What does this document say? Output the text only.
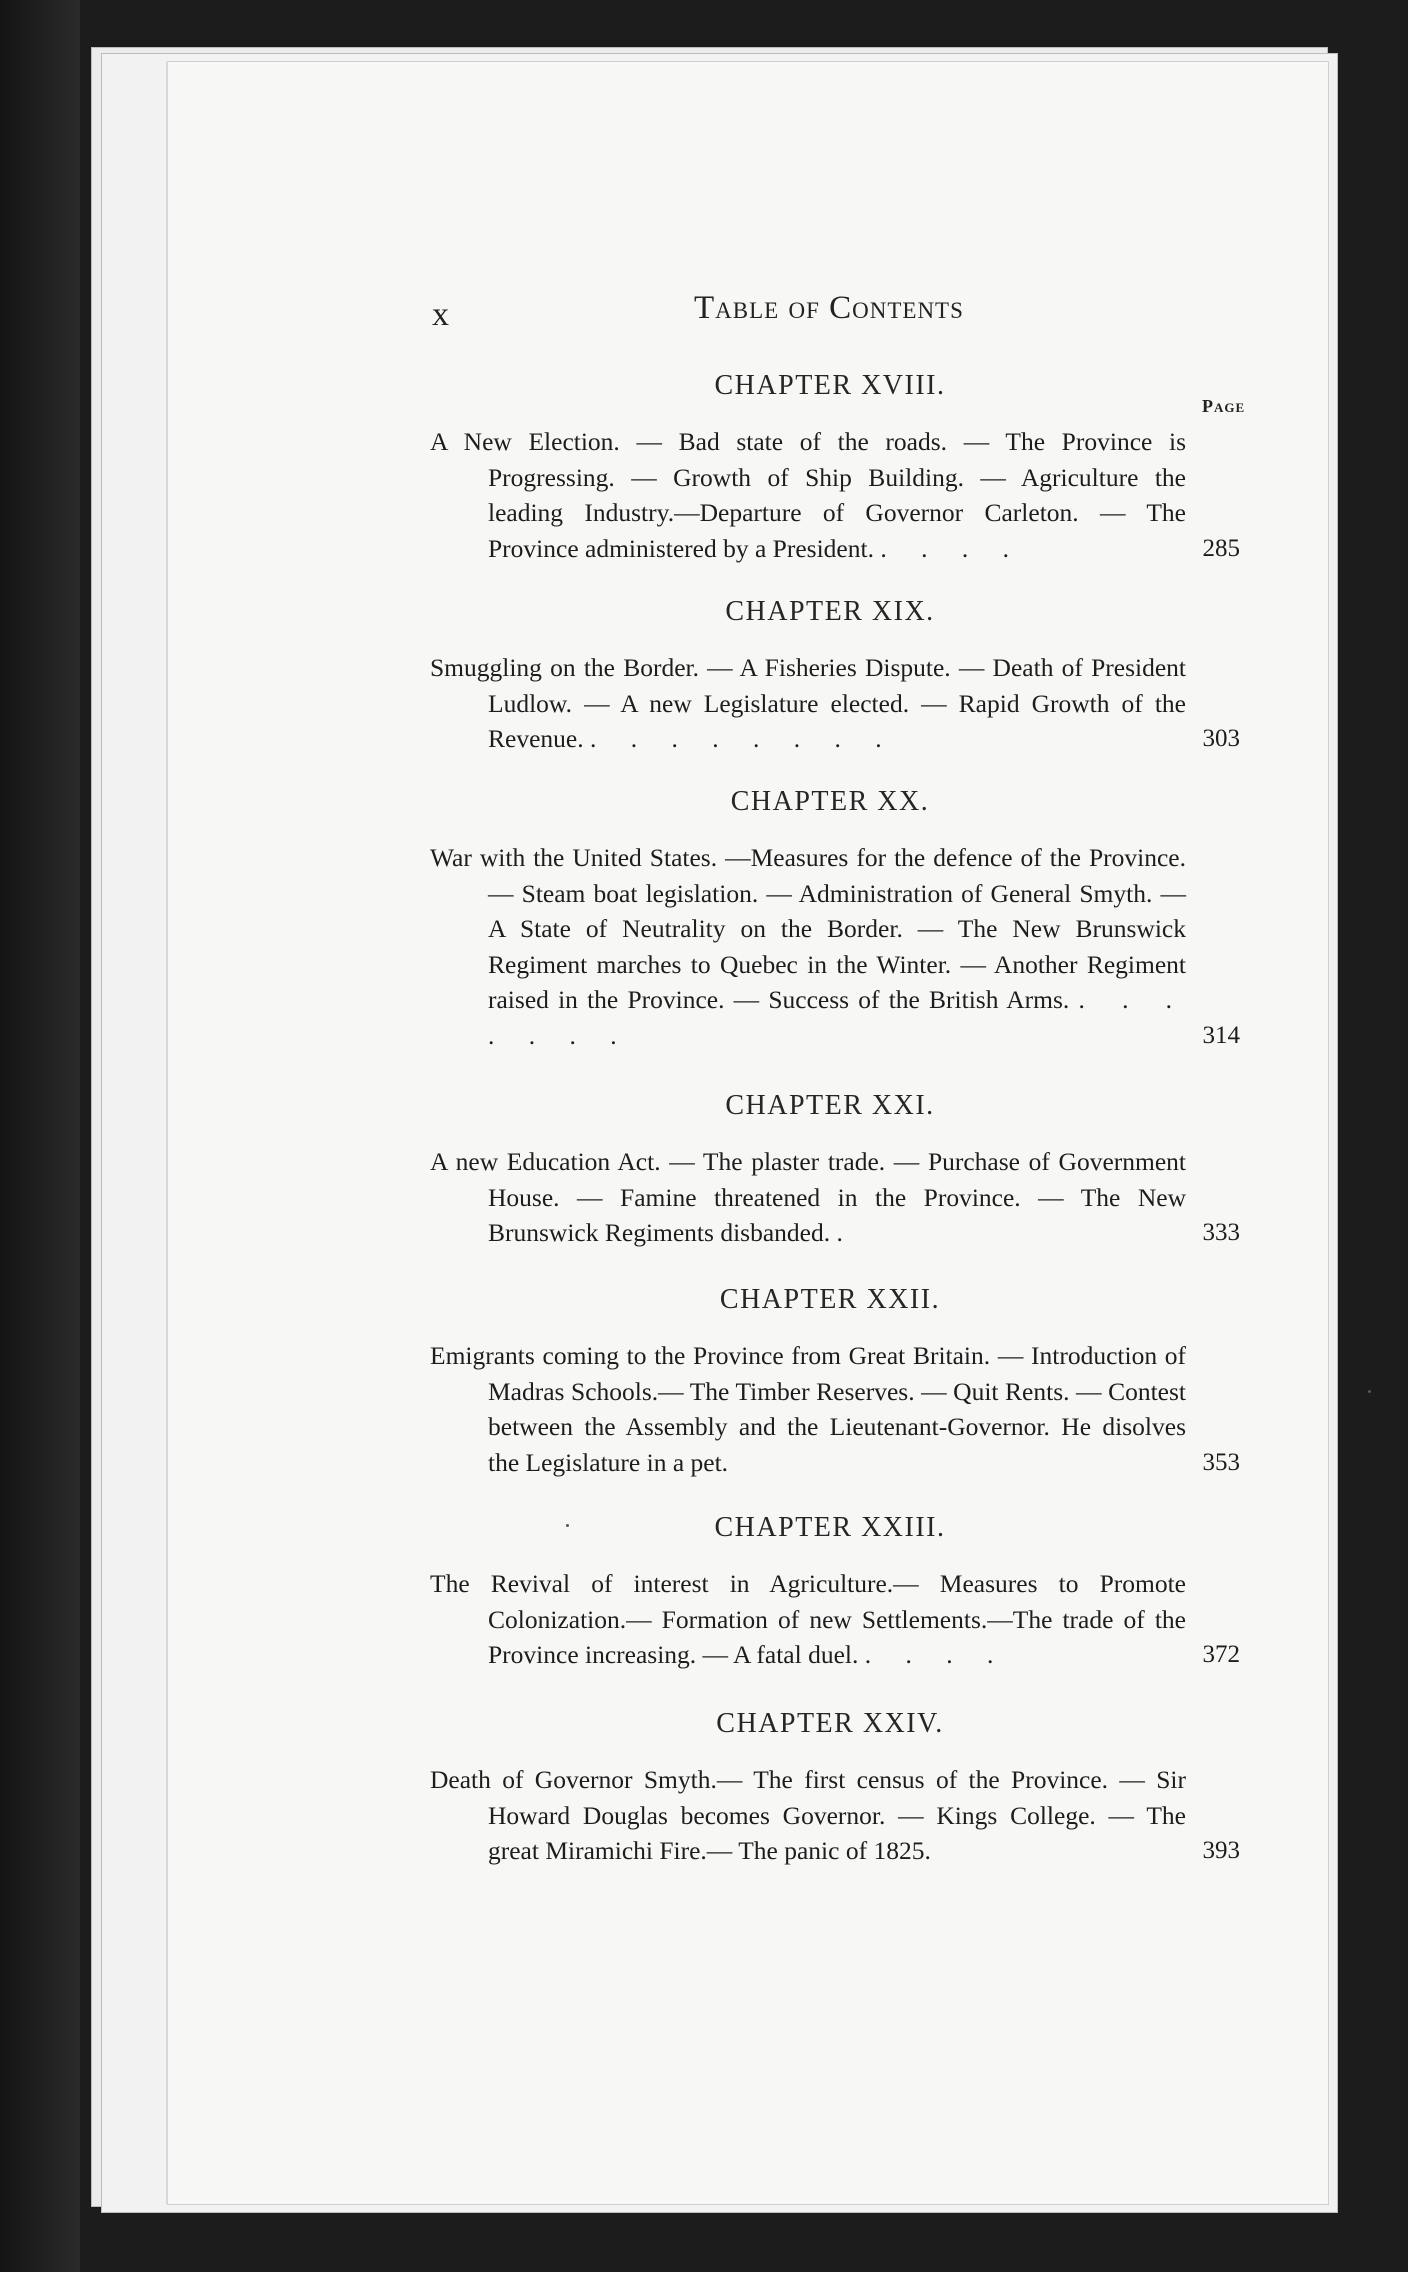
x	Table of Contents
Page
CHAPTER XVIII.
A New Election. — Bad state of the roads. — The Province is Progressing. — Growth of Ship Building. — Agriculture the leading Industry.—Departure of Governor Carleton. — The Province administered by a President. . . . .	285
CHAPTER XIX.
Smuggling on the Border. — A Fisheries Dispute. — Death of President Ludlow. — A new Legislature elected. — Rapid Growth of the Revenue. . . . . . . . .	303
CHAPTER XX.
War with the United States. —Measures for the defence of the Province. — Steam boat legislation. — Administration of General Smyth. — A State of Neutrality on the Border. — The New Brunswick Regiment marches to Quebec in the Winter. — Another Regiment raised in the Province. — Success of the British Arms. . . . . . . .	314
CHAPTER XXI.
A new Education Act. — The plaster trade. — Purchase of Government House. — Famine threatened in the Province. — The New Brunswick Regiments disbanded. .	333
CHAPTER XXII.
Emigrants coming to the Province from Great Britain. — Introduction of Madras Schools.— The Timber Reserves. — Quit Rents. — Contest between the Assembly and the Lieutenant-Governor. He disolves the Legislature in a pet.	353
CHAPTER XXIII.
The Revival of interest in Agriculture.— Measures to Promote Colonization.— Formation of new Settlements.—The trade of the Province increasing. — A fatal duel. . . . .	372
CHAPTER XXIV.
Death of Governor Smyth.— The first census of the Province. — Sir Howard Douglas becomes Governor. — Kings College. — The great Miramichi Fire.— The panic of 1825.	393
